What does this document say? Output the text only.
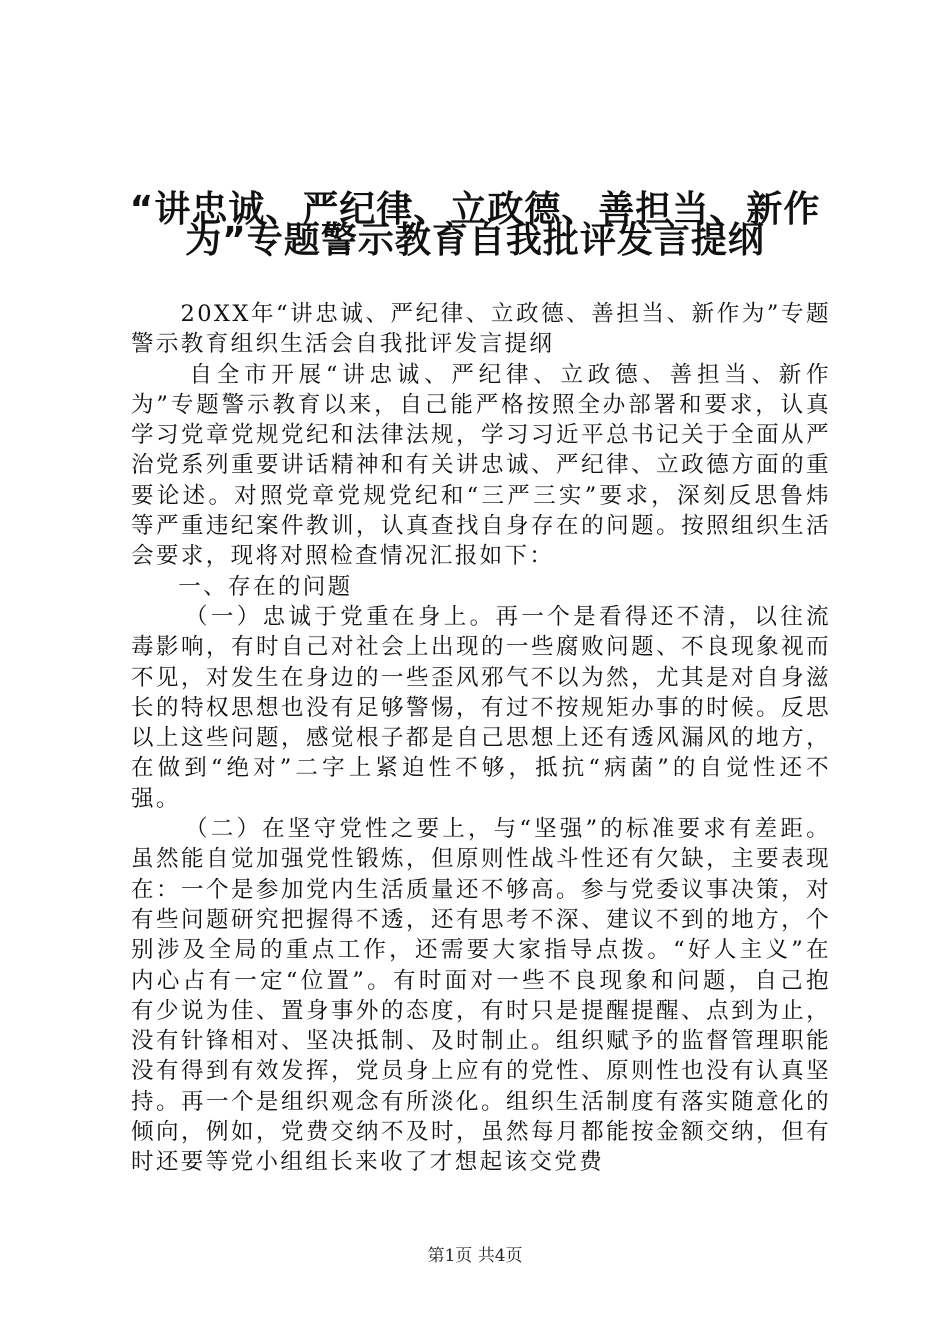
“讲忠诚、严纪律、立政德、善担当、新作
为”专题警示教育自我批评发言提纲

20XX年“讲忠诚、严纪律、立政德、善担当、新作为”专题警示教育组织生活会自我批评发言提纲

自全市开展“讲忠诚、严纪律、立政德、善担当、新作为”专题警示教育以来，自己能严格按照全办部署和要求，认真学习党章党规党纪和法律法规，学习习近平总书记关于全面从严治党系列重要讲话精神和有关讲忠诚、严纪律、立政德方面的重要论述。对照党章党规党纪和“三严三实”要求，深刻反思鲁炜等严重违纪案件教训，认真查找自身存在的问题。按照组织生活会要求，现将对照检查情况汇报如下：

一、存在的问题

（一）忠诚于党重在身上。再一个是看得还不清，以往流毒影响，有时自己对社会上出现的一些腐败问题、不良现象视而不见，对发生在身边的一些歪风邪气不以为然，尤其是对自身滋长的特权思想也没有足够警惕，有过不按规矩办事的时候。反思以上这些问题，感觉根子都是自己思想上还有透风漏风的地方，在做到“绝对”二字上紧迫性不够，抵抗“病菌”的自觉性还不强。

（二）在坚守党性之要上，与“坚强”的标准要求有差距。虽然能自觉加强党性锻炼，但原则性战斗性还有欠缺，主要表现在：一个是参加党内生活质量还不够高。参与党委议事决策，对有些问题研究把握得不透，还有思考不深、建议不到的地方，个别涉及全局的重点工作，还需要大家指导点拨。“好人主义”在内心占有一定“位置”。有时面对一些不良现象和问题，自己抱有少说为佳、置身事外的态度，有时只是提醒提醒、点到为止，没有针锋相对、坚决抵制、及时制止。组织赋予的监督管理职能没有得到有效发挥，党员身上应有的党性、原则性也没有认真坚持。再一个是组织观念有所淡化。组织生活制度有落实随意化的倾向，例如，党费交纳不及时，虽然每月都能按金额交纳，但有时还要等党小组组长来收了才想起该交党费

第1页 共4页
